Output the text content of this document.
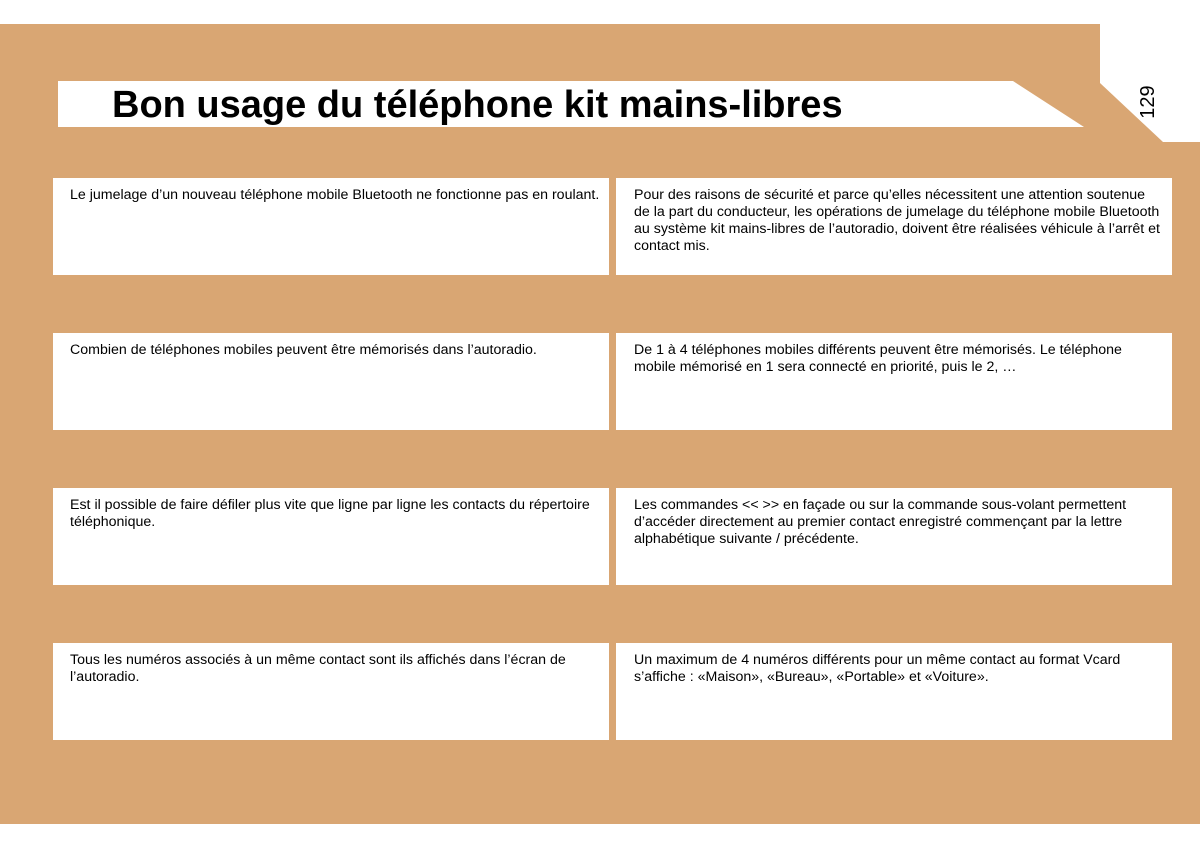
129
Bon usage du téléphone kit mains-libres
Le jumelage d’un nouveau téléphone mobile Bluetooth ne fonctionne pas en roulant.	Pour des raisons de sécurité et parce qu’elles nécessitent une attention soutenue de la part du conducteur, les opérations de jumelage du téléphone mobile Bluetooth au système kit mains-libres de l’autoradio, doivent être réalisées véhicule à l’arrêt et contact mis.
Combien de téléphones mobiles peuvent être mémorisés dans l’autoradio.	De 1 à 4 téléphones mobiles différents peuvent être mémorisés. Le téléphone mobile mémorisé en 1 sera connecté en priorité, puis le 2, …
Est il possible de faire défiler plus vite que ligne par ligne les contacts du répertoire téléphonique.
Les commandes << >> en façade ou sur la commande sous-volant permettent d’accéder directement au premier contact enregistré commençant par la lettre alphabétique suivante / précédente.
Tous les numéros associés à un même contact sont ils affichés dans l’écran de l’autoradio.
Un maximum de 4 numéros différents pour un même contact au format Vcard s’affiche : «Maison», «Bureau», «Portable» et «Voiture».
